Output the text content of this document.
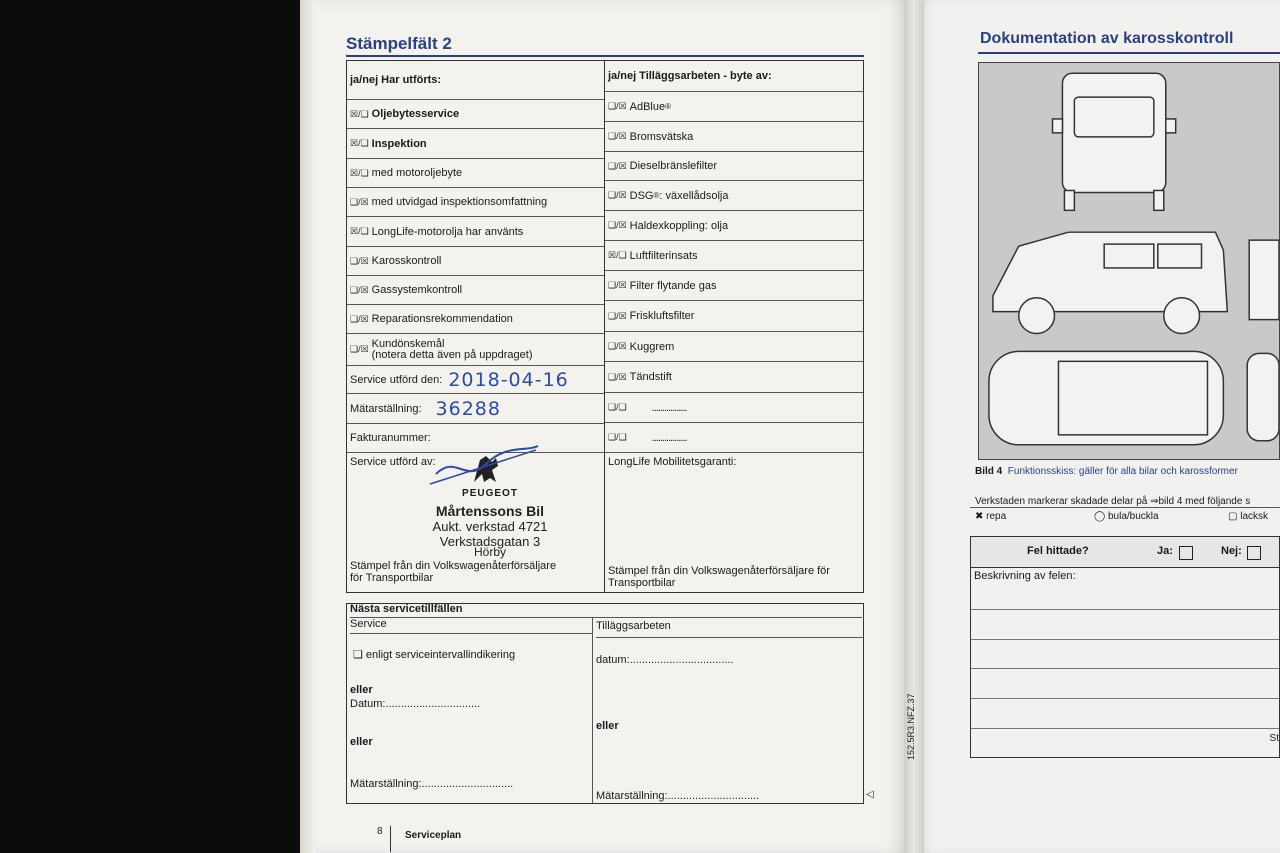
Stämpelfält 2
ja/nej Har utförts:
☒/❑ Oljebytesservice
☒/❑ Inspektion
☒/❑ med motoroljebyte
❑/☒ med utvidgad inspektionsomfattning
☒/❑ LongLife-motorolja har använts
❑/☒ Karosskontroll
❑/☒ Gassystemkontroll
❑/☒ Reparationsrekommendation
❑/☒ Kundönskemål
(notera detta även på uppdraget)
Service utförd den: 2018-04-16
Mätarställning: 36288
Fakturanummer:
Service utförd av:
Stämpel från din Volkswagenåterförsäljare för Transportbilar
ja/nej Tilläggsarbeten - byte av:
❑/☒ AdBlue ®
❑/☒ Bromsvätska
❑/☒ Dieselbränslefilter
❑/☒ DSG ® : växellådsolja
❑/☒ Haldexkoppling: olja
☒/❑ Luftfilterinsats
❑/☒ Filter flytande gas
❑/☒ Friskluftsfilter
❑/☒ Kuggrem
❑/☒ Tändstift
❑/❑ .................
❑/❑ .................
LongLife Mobilitetsgaranti:
Stämpel från din Volkswagenåterförsäljare för Transportbilar
PEUGEOT
Mårtenssons Bil
Aukt. verkstad 4721
Verkstadsgatan 3
Hörby
Nästa servicetillfällen
Service
❑ enligt serviceintervallindikering
eller
Datum:...............................
eller
Mätarställning:..............................
Tilläggsarbeten
datum:..................................
eller
Mätarställning:..............................	◁
8 Serviceplan
Dokumentation av karosskontroll
Bild 4 Funktionsskiss: gäller för alla bilar och karossformer
Verkstaden markerar skadade delar på ⇒bild 4 med följande s
✖ repa	◯ bula/buckla	▢ lacksk
Fel hittade?	Ja:	Nej:
Beskrivning av felen:
St
152.5R3.NFZ.37
